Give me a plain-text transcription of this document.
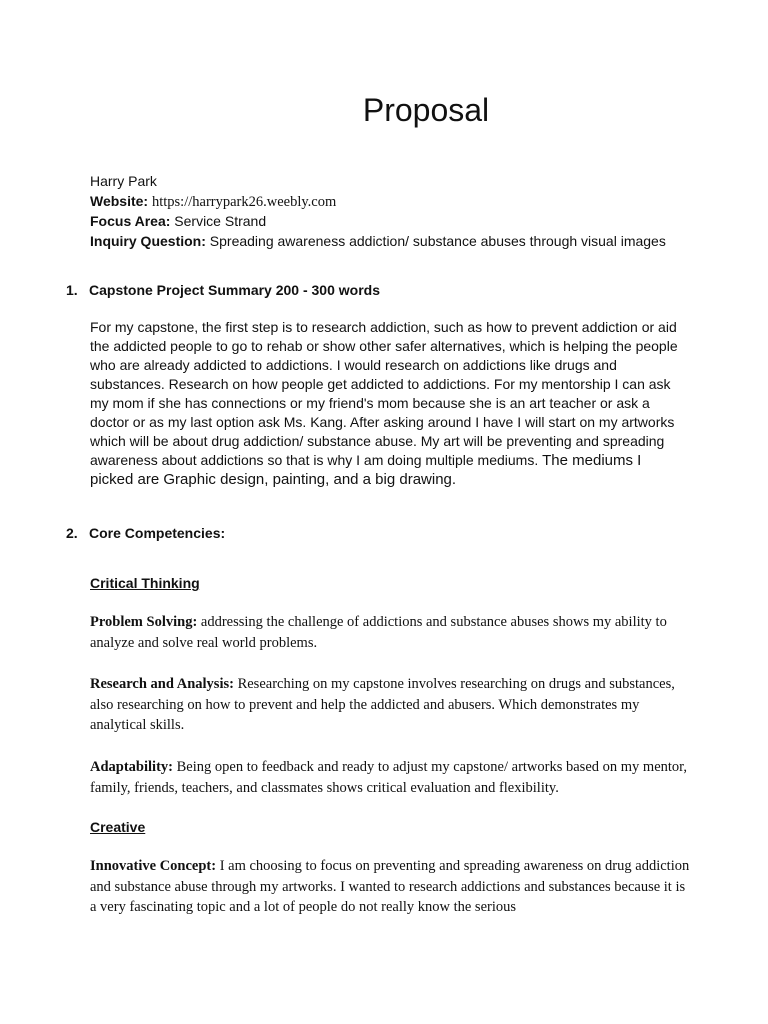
Proposal
Harry Park
Website: https://harrypark26.weebly.com
Focus Area: Service Strand
Inquiry Question: Spreading awareness addiction/ substance abuses through visual images
1. Capstone Project Summary 200 - 300 words

For my capstone, the first step is to research addiction, such as how to prevent addiction or aid the addicted people to go to rehab or show other safer alternatives, which is helping the people who are already addicted to addictions. I would research on addictions like drugs and substances. Research on how people get addicted to addictions. For my mentorship I can ask my mom if she has connections or my friend's mom because she is an art teacher or ask a doctor or as my last option ask Ms. Kang. After asking around I have I will start on my artworks which will be about drug addiction/ substance abuse. My art will be preventing and spreading awareness about addictions so that is why I am doing multiple mediums. The mediums I picked are Graphic design, painting, and a big drawing.

2. Core Competencies:

Critical Thinking

Problem Solving: addressing the challenge of addictions and substance abuses shows my ability to analyze and solve real world problems.

Research and Analysis: Researching on my capstone involves researching on drugs and substances, also researching on how to prevent and help the addicted and abusers. Which demonstrates my analytical skills.

Adaptability: Being open to feedback and ready to adjust my capstone/ artworks based on my mentor, family, friends, teachers, and classmates shows critical evaluation and flexibility.

Creative

Innovative Concept: I am choosing to focus on preventing and spreading awareness on drug addiction and substance abuse through my artworks. I wanted to research addictions and substances because it is a very fascinating topic and a lot of people do not really know the serious
